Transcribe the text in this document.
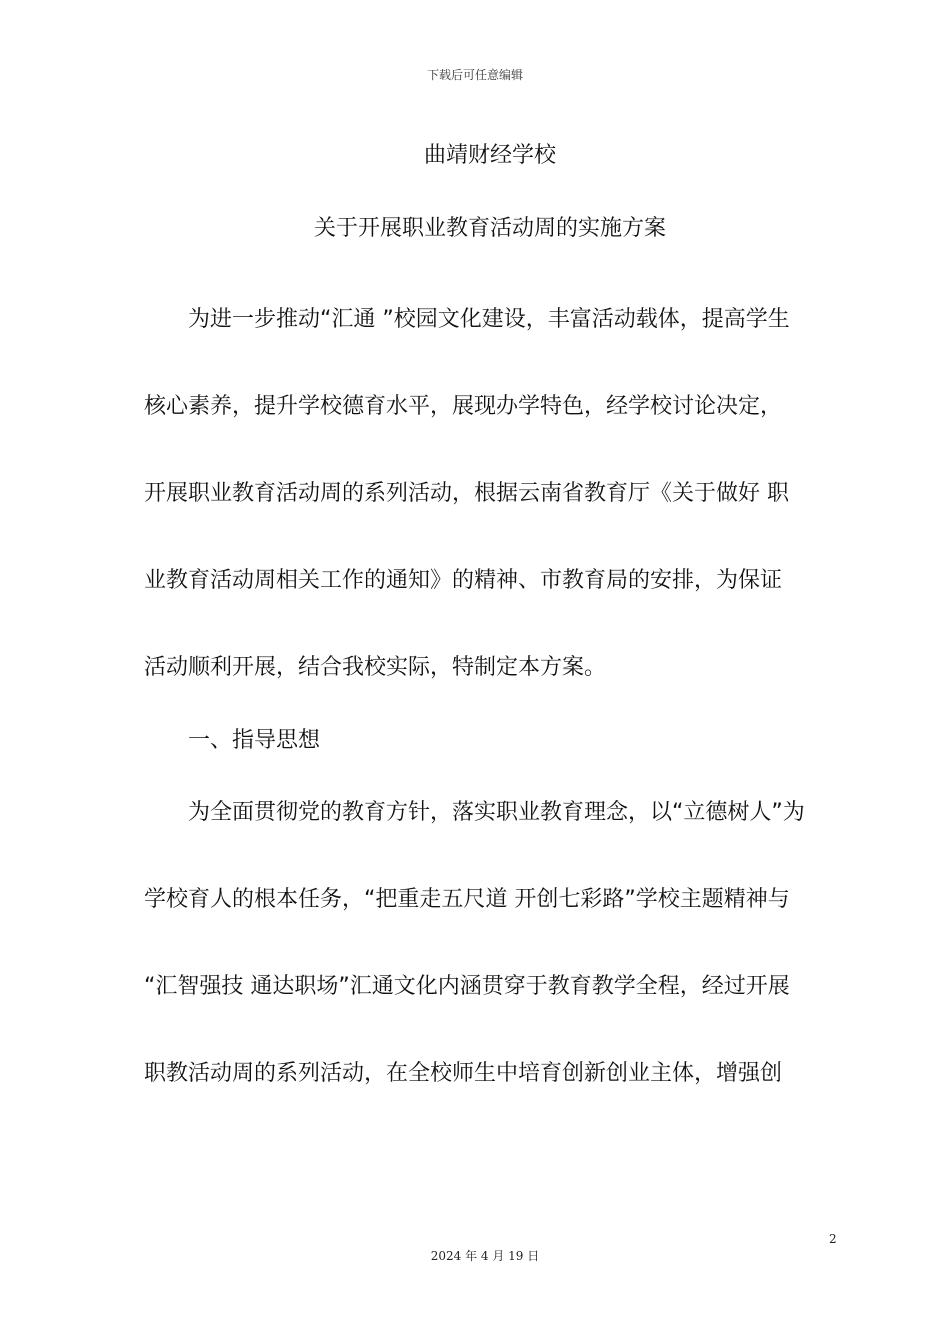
下载后可任意编辑
曲靖财经学校
关于开展职业教育活动周的实施方案
为进一步推动“汇通 ”校园文化建设，丰富活动载体，提高学生
核心素养，提升学校德育水平，展现办学特色，经学校讨论决定，
开展职业教育活动周的系列活动，根据云南省教育厅《关于做好 职
业教育活动周相关工作的通知》的精神、市教育局的安排，为保证
活动顺利开展，结合我校实际，特制定本方案。
一、指导思想
为全面贯彻党的教育方针，落实职业教育理念，以“立德树人”为
学校育人的根本任务，“把重走五尺道 开创七彩路”学校主题精神与
“汇智强技 通达职场”汇通文化内涵贯穿于教育教学全程，经过开展
职教活动周的系列活动，在全校师生中培育创新创业主体，增强创
2
2024 年 4 月 19 日
